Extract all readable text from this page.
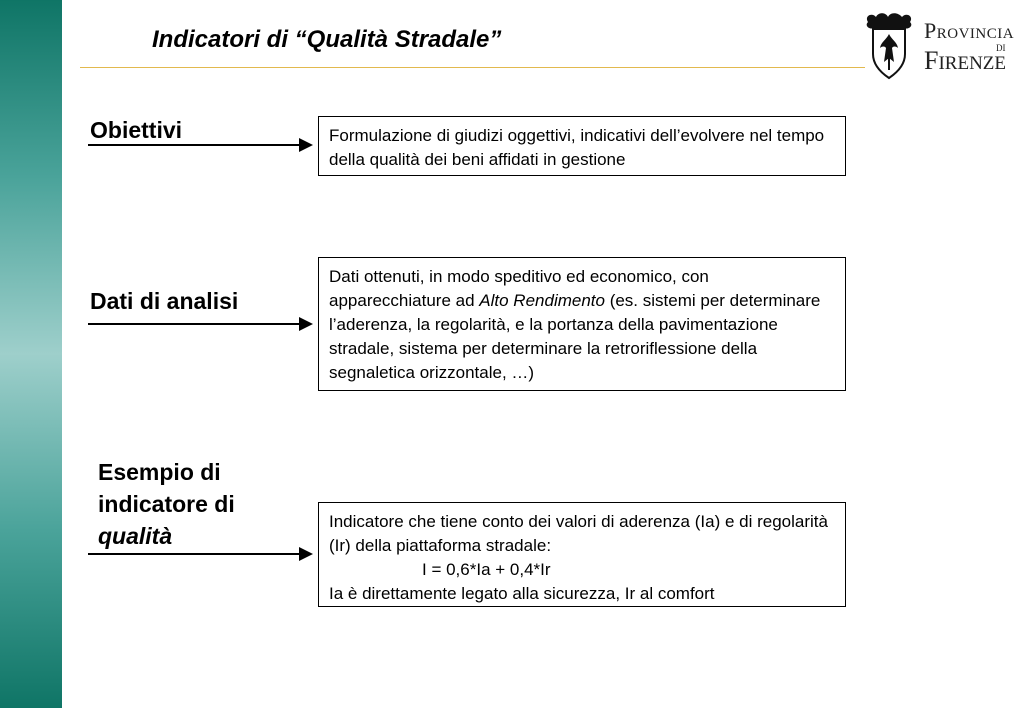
Indicatori di “Qualità Stradale”	PROVINCIA
DI
FIRENZE
Obiettivi	Formulazione di giudizi oggettivi, indicativi dell’evolvere nel tempo della qualità dei beni affidati in gestione

Dati di analisi

Dati ottenuti, in modo speditivo ed economico, con apparecchiature ad Alto Rendimento (es. sistemi per determinare l’aderenza, la regolarità, e la portanza della pavimentazione stradale, sistema per determinare la retroriflessione della segnaletica orizzontale, …)

Esempio di
indicatore di
qualità

Indicatore che tiene conto dei valori di aderenza (Ia) e di regolarità (Ir) della piattaforma stradale:

I = 0,6*Ia + 0,4*Ir

Ia è direttamente legato alla sicurezza, Ir al comfort
